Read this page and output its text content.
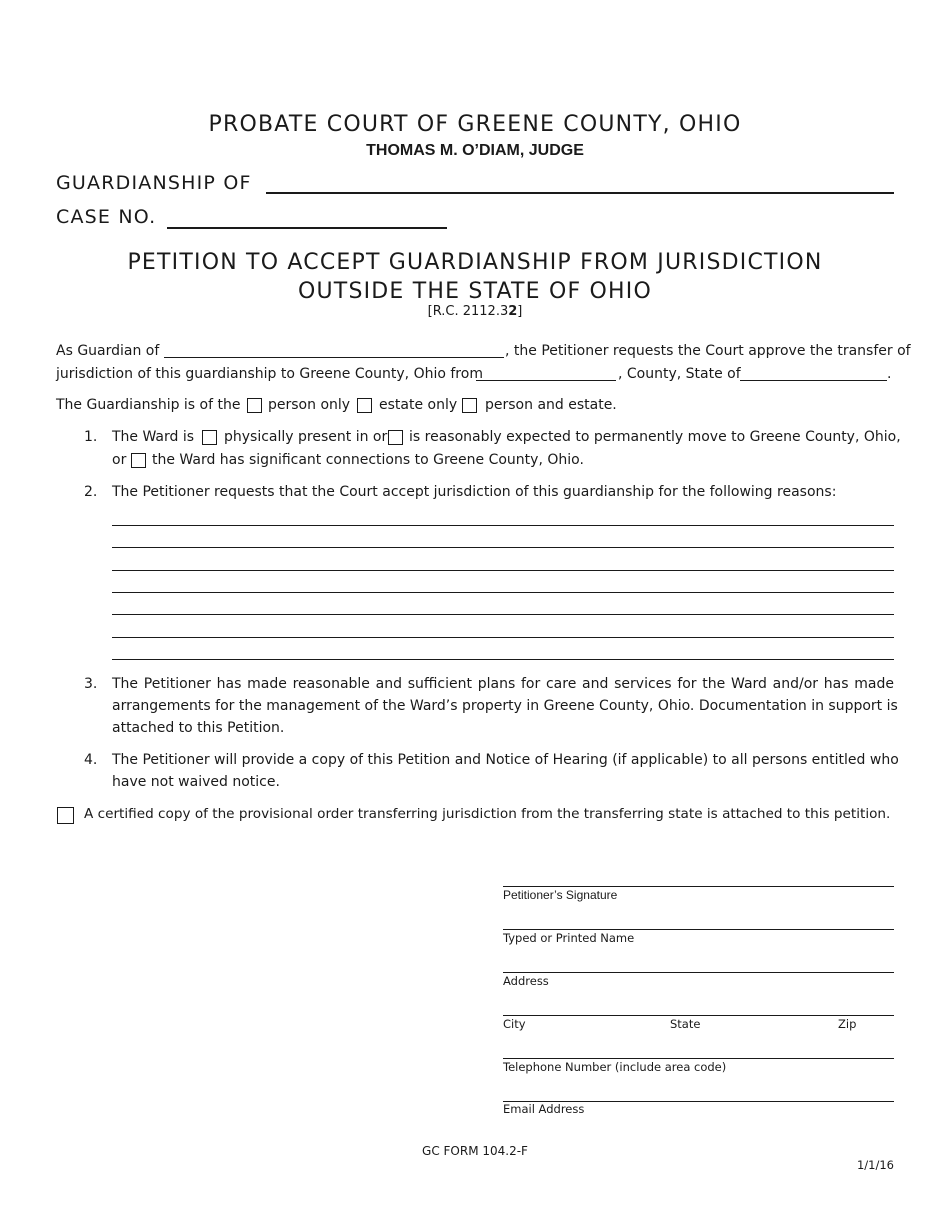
PROBATE COURT OF GREENE COUNTY, OHIO
THOMAS M. O’DIAM, JUDGE
GUARDIANSHIP OF
CASE NO.
PETITION TO ACCEPT GUARDIANSHIP FROM JURISDICTION
OUTSIDE THE STATE OF OHIO
[R.C. 2112.32]
As Guardian of	, the Petitioner requests the Court approve the transfer of
jurisdiction of this guardianship to Greene County, Ohio from	, County, State of	.
The Guardianship is of the person only estate only person and estate.
1. The Ward is physically present in or is reasonably expected to permanently move to Greene County, Ohio,
or the Ward has significant connections to Greene County, Ohio.
2. The Petitioner requests that the Court accept jurisdiction of this guardianship for the following reasons:
3. The Petitioner has made reasonable and sufficient plans for care and services for the Ward and/or has made
arrangements for the management of the Ward’s property in Greene County, Ohio. Documentation in support is
attached to this Petition.
4. The Petitioner will provide a copy of this Petition and Notice of Hearing (if applicable) to all persons entitled who
have not waived notice.
A certified copy of the provisional order transferring jurisdiction from the transferring state is attached to this petition.
Petitioner’s Signature
Typed or Printed Name
Address
City	State	Zip
Telephone Number (include area code)
Email Address
GC FORM 104.2-F
1/1/16
